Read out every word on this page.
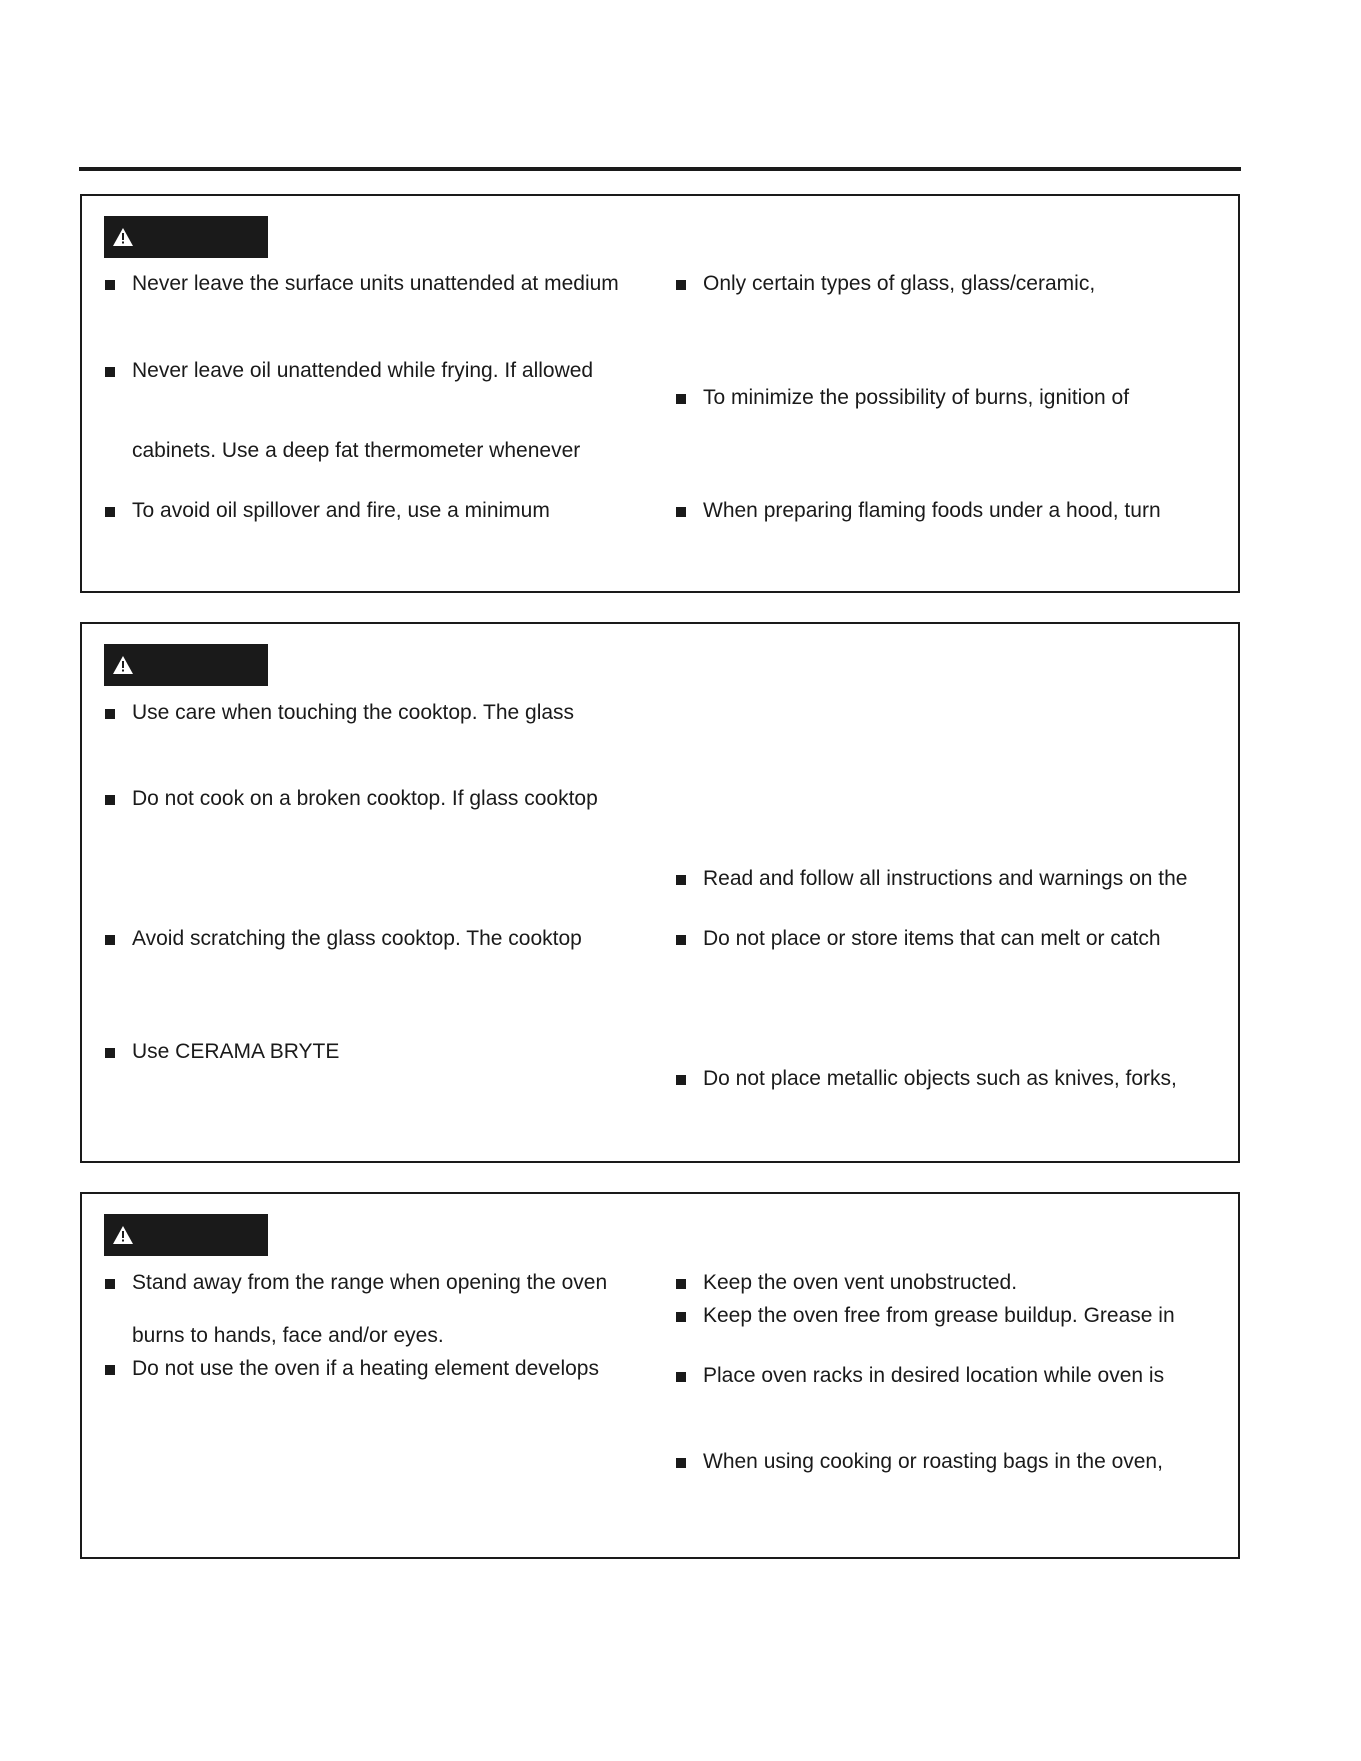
Never leave the surface units unattended at medium
Never leave oil unattended while frying. If allowed
cabinets. Use a deep fat thermometer whenever
To avoid oil spillover and fire, use a minimum
Only certain types of glass, glass/ceramic,
To minimize the possibility of burns, ignition of
When preparing flaming foods under a hood, turn
Use care when touching the cooktop. The glass
Do not cook on a broken cooktop. If glass cooktop
Avoid scratching the glass cooktop. The cooktop
Use CERAMA BRYTE
Read and follow all instructions and warnings on the
Do not place or store items that can melt or catch
Do not place metallic objects such as knives, forks,
Stand away from the range when opening the oven
burns to hands, face and/or eyes.
Do not use the oven if a heating element develops
Keep the oven vent unobstructed.
Keep the oven free from grease buildup. Grease in
Place oven racks in desired location while oven is
When using cooking or roasting bags in the oven,
